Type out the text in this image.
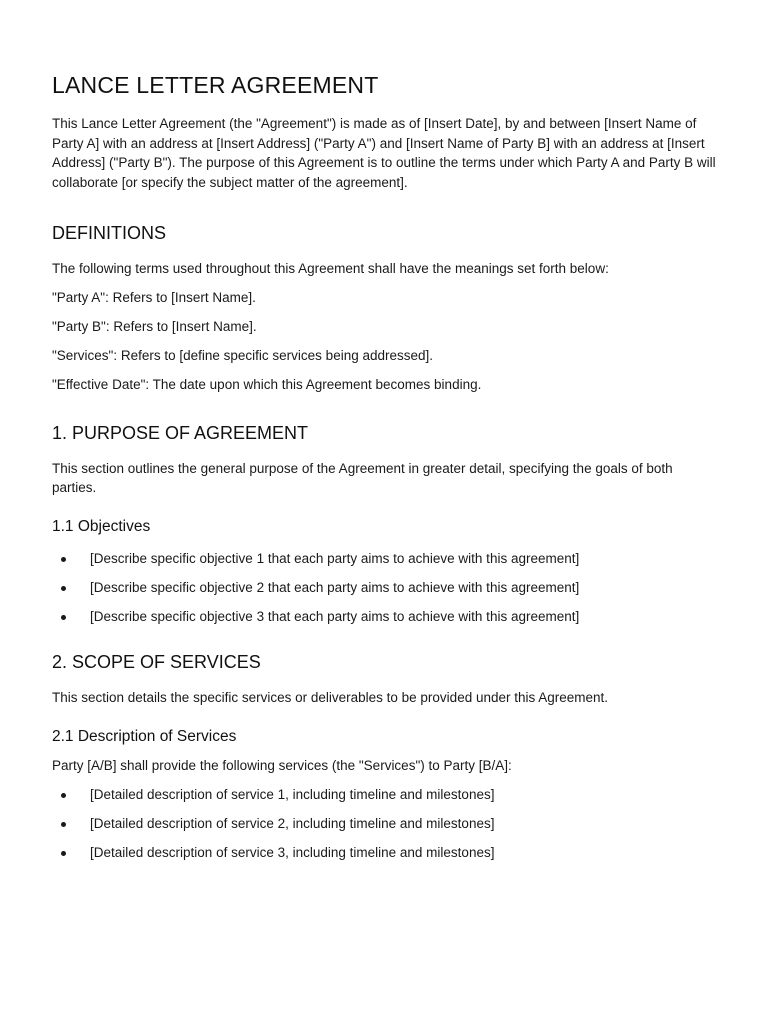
LANCE LETTER AGREEMENT

This Lance Letter Agreement (the "Agreement") is made as of [Insert Date], by and between [Insert Name of Party A] with an address at [Insert Address] ("Party A") and [Insert Name of Party B] with an address at [Insert Address] ("Party B"). The purpose of this Agreement is to outline the terms under which Party A and Party B will collaborate [or specify the subject matter of the agreement].

DEFINITIONS

The following terms used throughout this Agreement shall have the meanings set forth below:

"Party A": Refers to [Insert Name].

"Party B": Refers to [Insert Name].

"Services": Refers to [define specific services being addressed].

"Effective Date": The date upon which this Agreement becomes binding.

1. PURPOSE OF AGREEMENT

This section outlines the general purpose of the Agreement in greater detail, specifying the goals of both parties.

1.1 Objectives
[Describe specific objective 1 that each party aims to achieve with this agreement]
[Describe specific objective 2 that each party aims to achieve with this agreement]
[Describe specific objective 3 that each party aims to achieve with this agreement]
2. SCOPE OF SERVICES

This section details the specific services or deliverables to be provided under this Agreement.

2.1 Description of Services

Party [A/B] shall provide the following services (the "Services") to Party [B/A]:

[Detailed description of service 1, including timeline and milestones]
[Detailed description of service 2, including timeline and milestones]
[Detailed description of service 3, including timeline and milestones]
